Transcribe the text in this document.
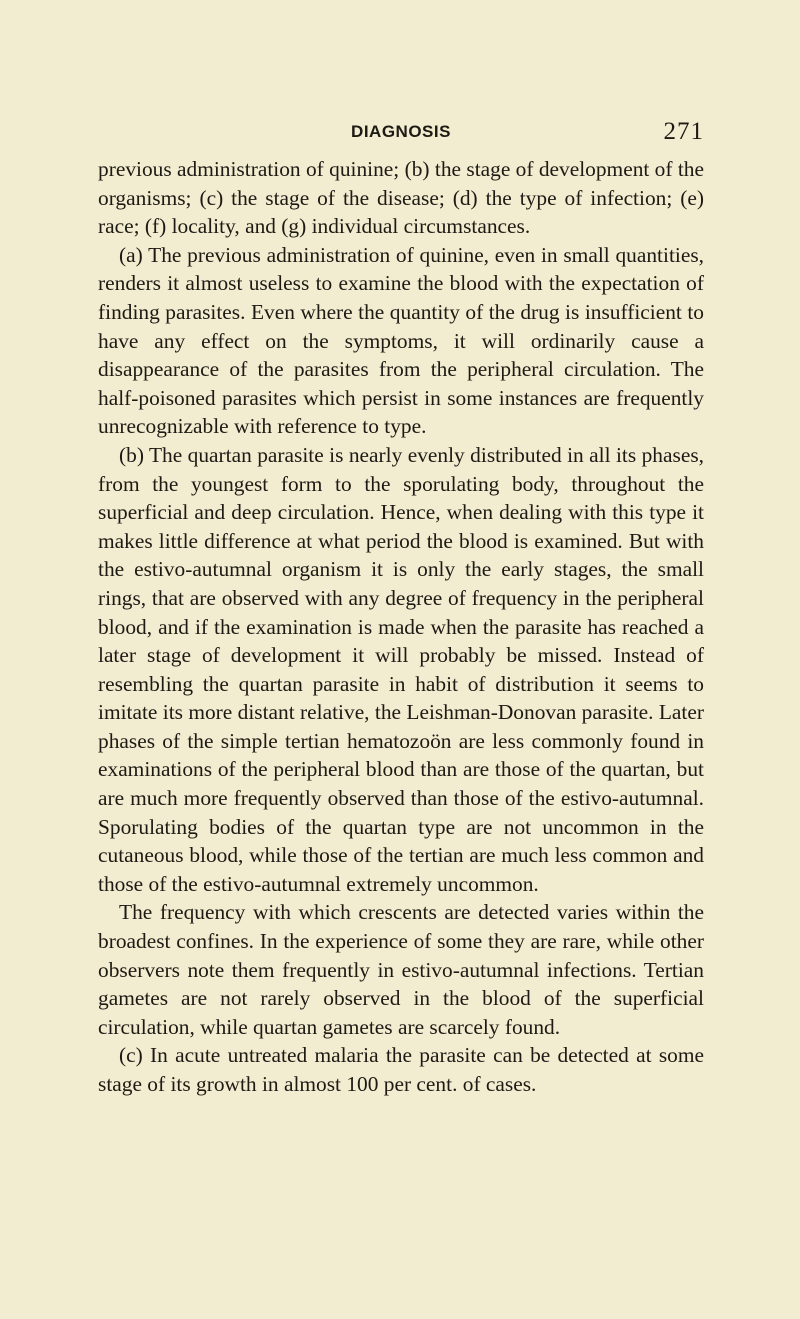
DIAGNOSIS	271

previous administration of quinine; (b) the stage of development of the organisms; (c) the stage of the disease; (d) the type of infection; (e) race; (f) locality, and (g) individual circumstances.

(a) The previous administration of quinine, even in small quantities, renders it almost useless to examine the blood with the expectation of finding parasites. Even where the quantity of the drug is insufficient to have any effect on the symptoms, it will ordinarily cause a disappearance of the parasites from the peripheral circulation. The half-poisoned parasites which persist in some instances are frequently unrecognizable with reference to type.

(b) The quartan parasite is nearly evenly distributed in all its phases, from the youngest form to the sporulating body, throughout the superficial and deep circulation. Hence, when dealing with this type it makes little difference at what period the blood is examined. But with the estivo-autumnal organism it is only the early stages, the small rings, that are observed with any degree of frequency in the peripheral blood, and if the examination is made when the parasite has reached a later stage of development it will probably be missed. Instead of resembling the quartan parasite in habit of distribution it seems to imitate its more distant relative, the Leishman-Donovan parasite. Later phases of the simple tertian hematozoön are less commonly found in examinations of the peripheral blood than are those of the quartan, but are much more frequently observed than those of the estivo-autumnal. Sporulating bodies of the quartan type are not uncommon in the cutaneous blood, while those of the tertian are much less common and those of the estivo-autumnal extremely uncommon.

The frequency with which crescents are detected varies within the broadest confines. In the experience of some they are rare, while other observers note them frequently in estivo-autumnal infections. Tertian gametes are not rarely observed in the blood of the superficial circulation, while quartan gametes are scarcely found.

(c) In acute untreated malaria the parasite can be detected at some stage of its growth in almost 100 per cent. of cases.
